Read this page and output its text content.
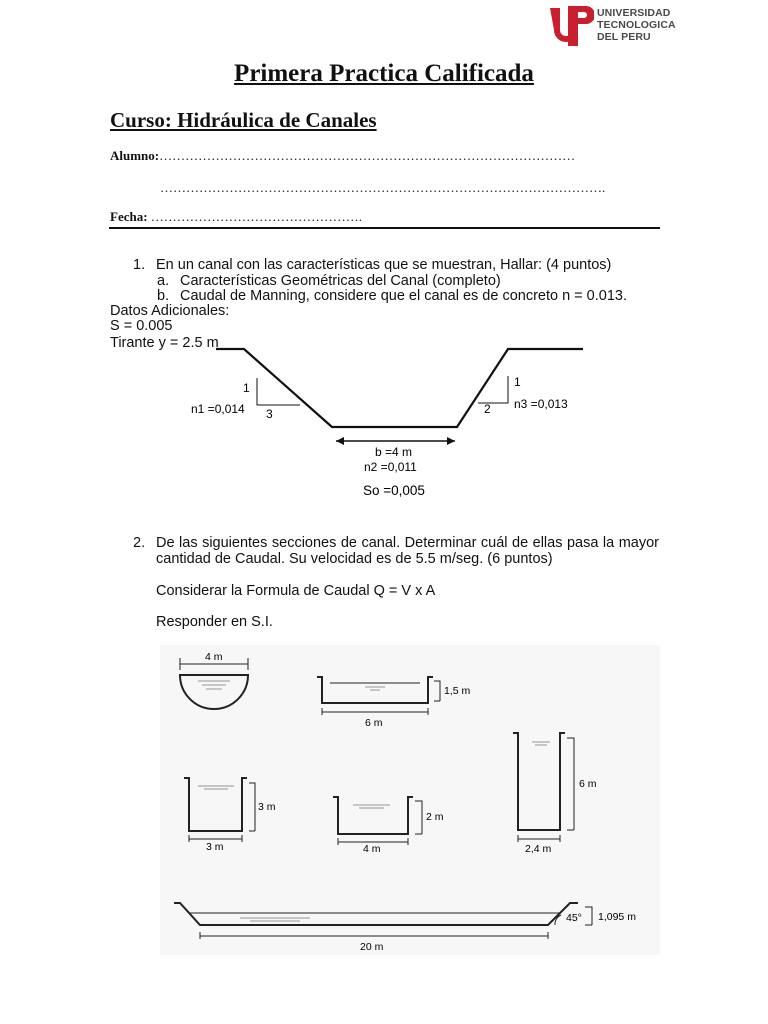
UNIVERSIDAD
TECNOLOGICA
DEL PERU
Primera Practica Calificada
Curso: Hidráulica de Canales
Alumno:……………………………………………………………………………………
………………………………………………………………………………………….
Fecha: ………………………………………….
1. En un canal con las características que se muestran, Hallar: (4 puntos)
a. Características Geométricas del Canal (completo)
b. Caudal de Manning, considere que el canal es de concreto n = 0.013.
Datos Adicionales:
S = 0.005
Tirante y = 2.5 m
1
3
n1 =0,014
1
2 n3 =0,013
b =4 m
n2 =0,011
So =0,005
2. De las siguientes secciones de canal. Determinar cuál de ellas pasa la mayor
cantidad de Caudal. Su velocidad es de 5.5 m/seg. (6 puntos)
Considerar la Formula de Caudal Q = V x A
Responder en S.I.
4 m
1,5 m
6 m
6 m
2,4 m
3 m
3 m
2 m
4 m
45° 1,095 m
20 m
